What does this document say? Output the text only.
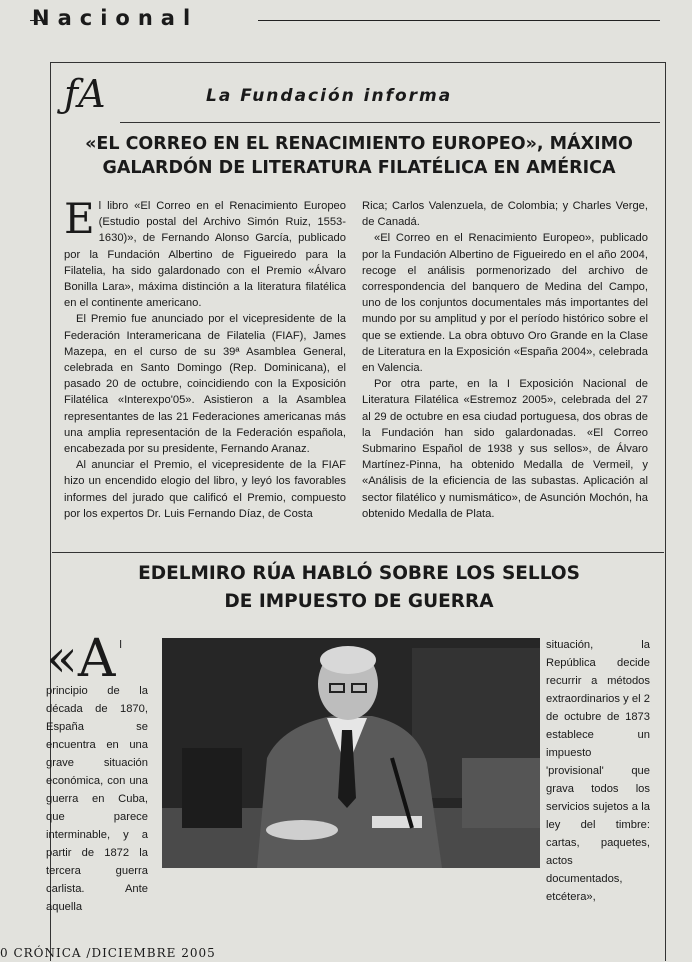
Nacional
ƒA	La Fundación informa
«EL CORREO EN EL RENACIMIENTO EUROPEO», MÁXIMO
GALARDÓN DE LITERATURA FILATÉLICA EN AMÉRICA

El libro «El Correo en el Renacimiento Europeo (Estudio postal del Archivo Simón Ruiz, 1553-1630)», de Fernando Alonso García, publicado por la Fundación Albertino de Figueiredo para la Filatelia, ha sido galardonado con el Premio «Álvaro Bonilla Lara», máxima distinción a la literatura filatélica en el continente americano.

El Premio fue anunciado por el vicepresidente de la Federación Interamericana de Filatelia (FIAF), James Mazepa, en el curso de su 39ª Asamblea General, celebrada en Santo Domingo (Rep. Dominicana), el pasado 20 de octubre, coincidiendo con la Exposición Filatélica «Interexpo'05». Asistieron a la Asamblea representantes de las 21 Federaciones americanas más una amplia representación de la Federación española, encabezada por su presidente, Fernando Aranaz.

Al anunciar el Premio, el vicepresidente de la FIAF hizo un encendido elogio del libro, y leyó los favorables informes del jurado que calificó el Premio, compuesto por los expertos Dr. Luis Fernando Díaz, de Costa

Rica; Carlos Valenzuela, de Colombia; y Charles Verge, de Canadá.

«El Correo en el Renacimiento Europeo», publicado por la Fundación Albertino de Figueiredo en el año 2004, recoge el análisis pormenorizado del archivo de correspondencia del banquero de Medina del Campo, uno de los conjuntos documentales más importantes del mundo por su amplitud y por el período histórico sobre el que se extiende. La obra obtuvo Oro Grande en la Clase de Literatura en la Exposición «España 2004», celebrada en Valencia.

Por otra parte, en la I Exposición Nacional de Literatura Filatélica «Estremoz 2005», celebrada del 27 al 29 de octubre en esa ciudad portuguesa, dos obras de la Fundación han sido galardonadas. «El Correo Submarino Español de 1938 y sus sellos», de Álvaro Martínez-Pinna, ha obtenido Medalla de Vermeil, y «Análisis de la eficiencia de las subastas. Aplicación al sector filatélico y numismático», de Asunción Mochón, ha obtenido Medalla de Plata.

EDELMIRO RÚA HABLÓ SOBRE LOS SELLOS
DE IMPUESTO DE GUERRA
«Al principio de la década de 1870, España se encuentra en una grave situación económica, con una guerra en Cuba, que parece interminable, y a partir de 1872 la tercera guerra carlista. Ante aquella
situación, la República decide recurrir a métodos extraordinarios y el 2 de octubre de 1873 establece un impuesto 'provisional' que grava todos los servicios sujetos a la ley del timbre: cartas, paquetes, actos documentados, etcétera»,
0 CRÓNICA /DICIEMBRE 2005
